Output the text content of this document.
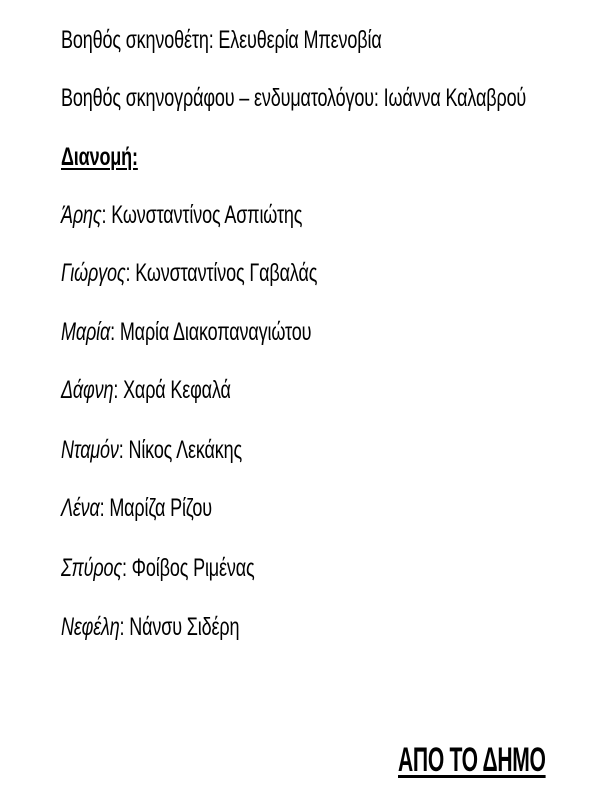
Βοηθός σκηνοθέτη: Ελευθερία Μπενοβία
Βοηθός σκηνογράφου – ενδυματολόγου: Ιωάννα Καλαβρού
Διανομή:
Άρης: Κωνσταντίνος Ασπιώτης
Γιώργος: Κωνσταντίνος Γαβαλάς
Μαρία: Μαρία Διακοπαναγιώτου
Δάφνη: Χαρά Κεφαλά
Νταμόν: Νίκος Λεκάκης
Λένα: Μαρίζα Ρίζου
Σπύρος: Φοίβος Ριμένας
Νεφέλη: Νάνσυ Σιδέρη
ΑΠΟ ΤΟ ΔΗΜΟ
